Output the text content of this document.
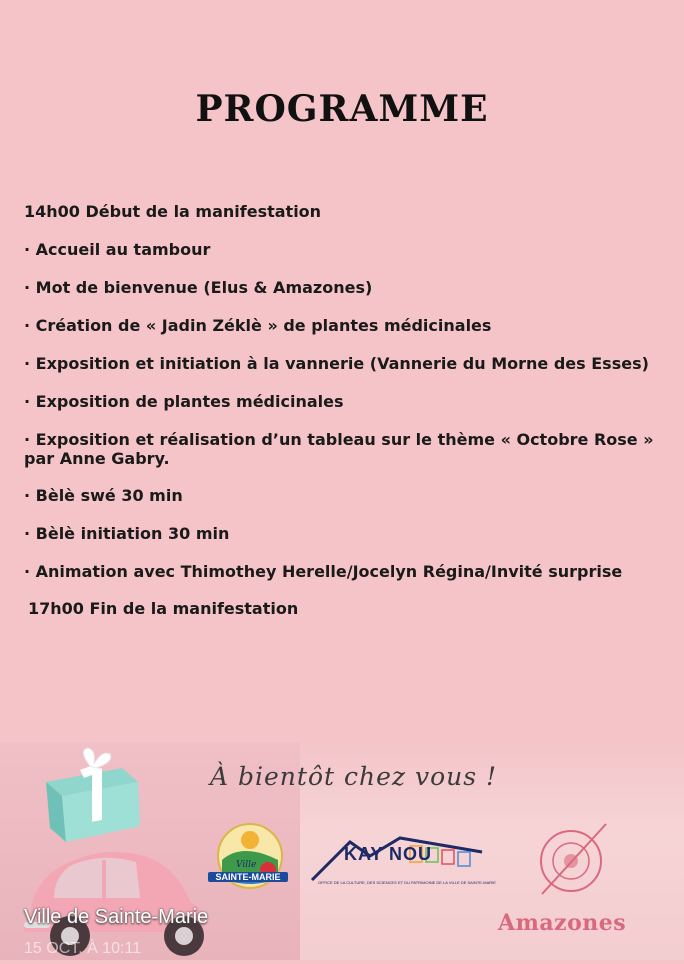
PROGRAMME
14h00 Début de la manifestation
· Accueil au tambour
· Mot de bienvenue (Elus & Amazones)
· Création de « Jadin Zéklè » de plantes médicinales
· Exposition et initiation à la vannerie (Vannerie du Morne des Esses)
· Exposition de plantes médicinales
· Exposition et réalisation d’un tableau sur le thème « Octobre Rose » par Anne Gabry.
· Bèlè swé 30 min
· Bèlè initiation 30 min
· Animation avec Thimothey Herelle/Jocelyn Régina/Invité surprise
17h00 Fin de la manifestation
À bientôt chez vous !
Ville
SAINTE-MARIE
KAY NOU
OFFICE DE LA CULTURE, DES SCIENCES ET DU PATRIMOINE DE LA VILLE DE SAINTE-MARIE
Amazones
Ville de Sainte-Marie
15 OCT. À 10:11
